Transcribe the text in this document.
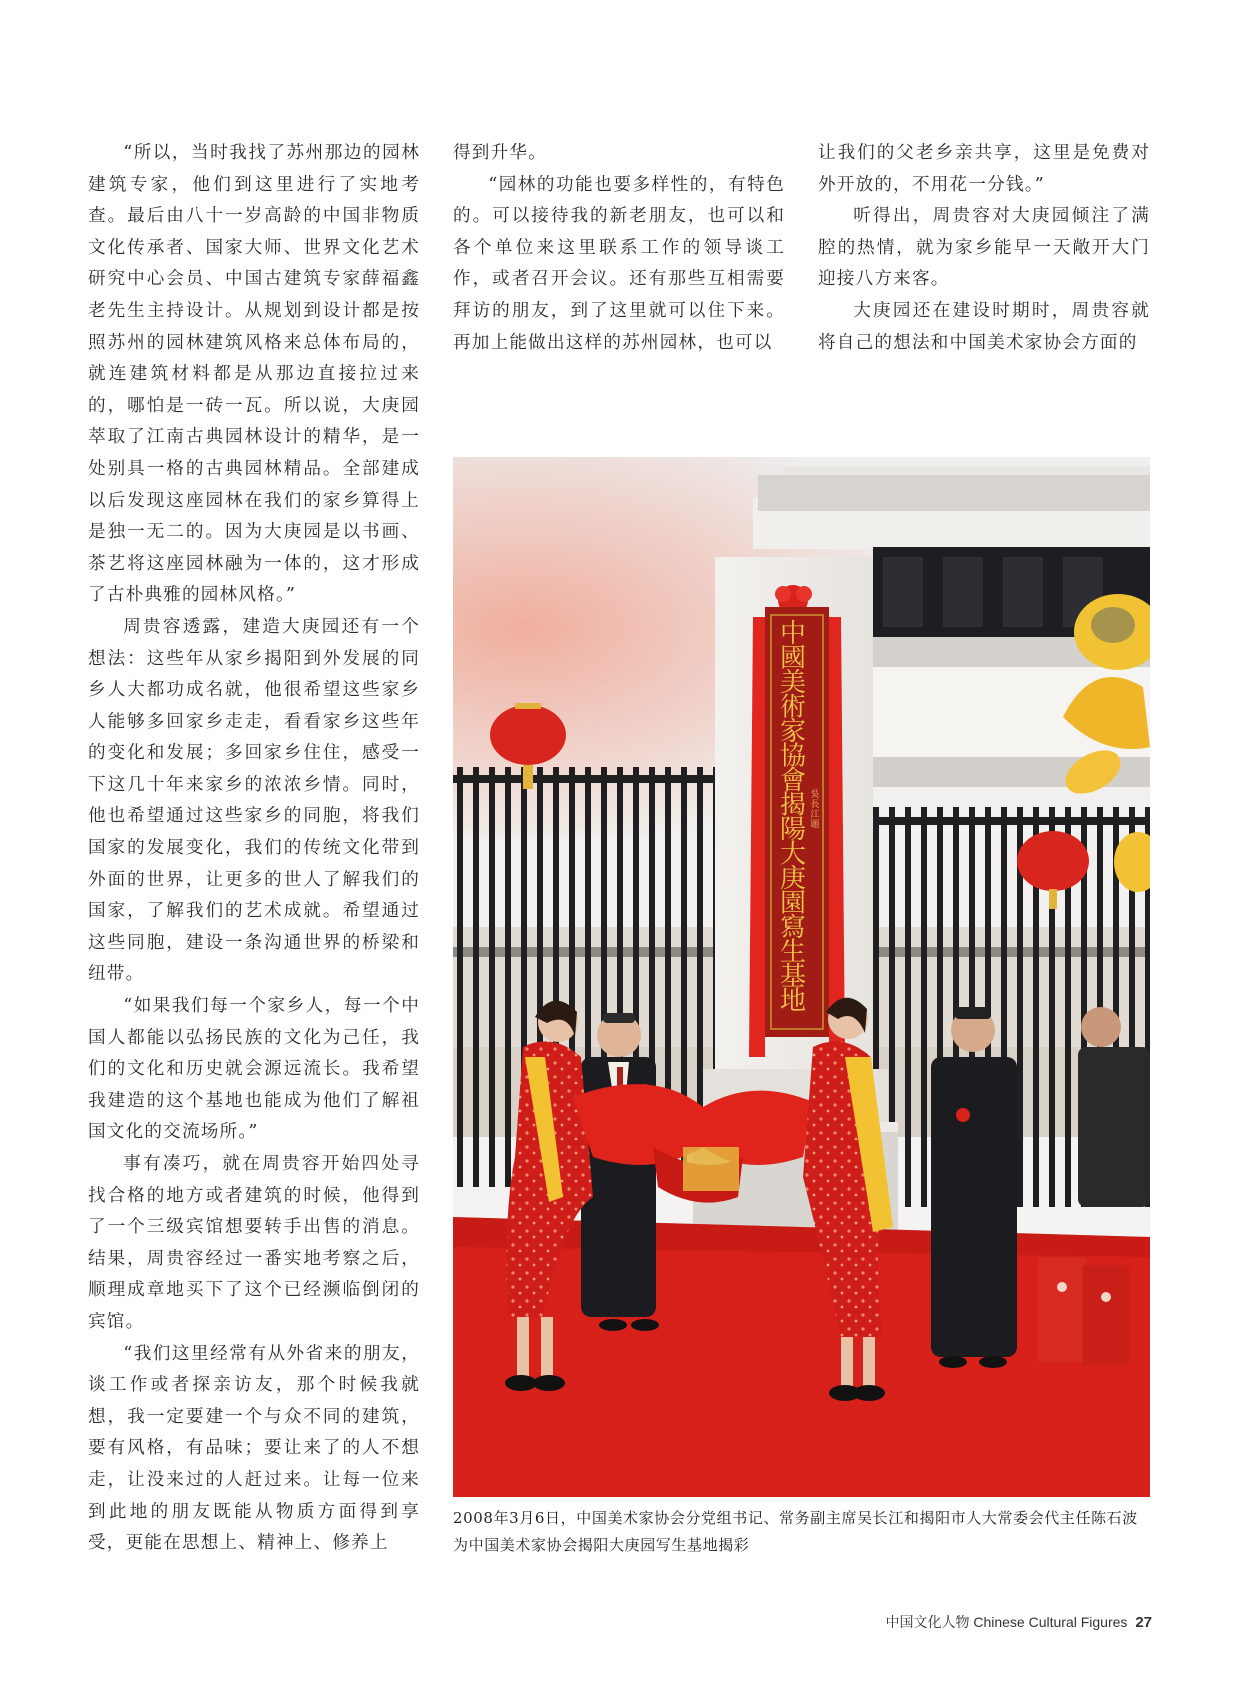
“所以，当时我找了苏州那边的园林建筑专家，他们到这里进行了实地考查。最后由八十一岁高龄的中国非物质文化传承者、国家大师、世界文化艺术研究中心会员、中国古建筑专家薛福鑫老先生主持设计。从规划到设计都是按照苏州的园林建筑风格来总体布局的，就连建筑材料都是从那边直接拉过来的，哪怕是一砖一瓦。所以说，大庚园萃取了江南古典园林设计的精华，是一处别具一格的古典园林精品。全部建成以后发现这座园林在我们的家乡算得上是独一无二的。因为大庚园是以书画、茶艺将这座园林融为一体的，这才形成了古朴典雅的园林风格。”

周贵容透露，建造大庚园还有一个想法：这些年从家乡揭阳到外发展的同乡人大都功成名就，他很希望这些家乡人能够多回家乡走走，看看家乡这些年的变化和发展；多回家乡住住，感受一下这几十年来家乡的浓浓乡情。同时，他也希望通过这些家乡的同胞，将我们国家的发展变化，我们的传统文化带到外面的世界，让更多的世人了解我们的国家，了解我们的艺术成就。希望通过这些同胞，建设一条沟通世界的桥梁和纽带。

“如果我们每一个家乡人，每一个中国人都能以弘扬民族的文化为己任，我们的文化和历史就会源远流长。我希望我建造的这个基地也能成为他们了解祖国文化的交流场所。”

事有凑巧，就在周贵容开始四处寻找合格的地方或者建筑的时候，他得到了一个三级宾馆想要转手出售的消息。结果，周贵容经过一番实地考察之后，顺理成章地买下了这个已经濒临倒闭的宾馆。

“我们这里经常有从外省来的朋友，谈工作或者探亲访友，那个时候我就想，我一定要建一个与众不同的建筑，要有风格，有品味；要让来了的人不想走，让没来过的人赶过来。让每一位来到此地的朋友既能从物质方面得到享受，更能在思想上、精神上、修养上

得到升华。

“园林的功能也要多样性的，有特色的。可以接待我的新老朋友，也可以和各个单位来这里联系工作的领导谈工作，或者召开会议。还有那些互相需要拜访的朋友，到了这里就可以住下来。再加上能做出这样的苏州园林，也可以

让我们的父老乡亲共享，这里是免费对外开放的，不用花一分钱。”

听得出，周贵容对大庚园倾注了满腔的热情，就为家乡能早一天敞开大门迎接八方来客。

大庚园还在建设时期时，周贵容就将自己的想法和中国美术家协会方面的

中國美術家協會揭陽大庚園寫生基地
吳長江題
2008年3月6日，中国美术家协会分党组书记、常务副主席吴长江和揭阳市人大常委会代主任陈石波为中国美术家协会揭阳大庚园写生基地揭彩
中国文化人物 Chinese Cultural Figures 27
